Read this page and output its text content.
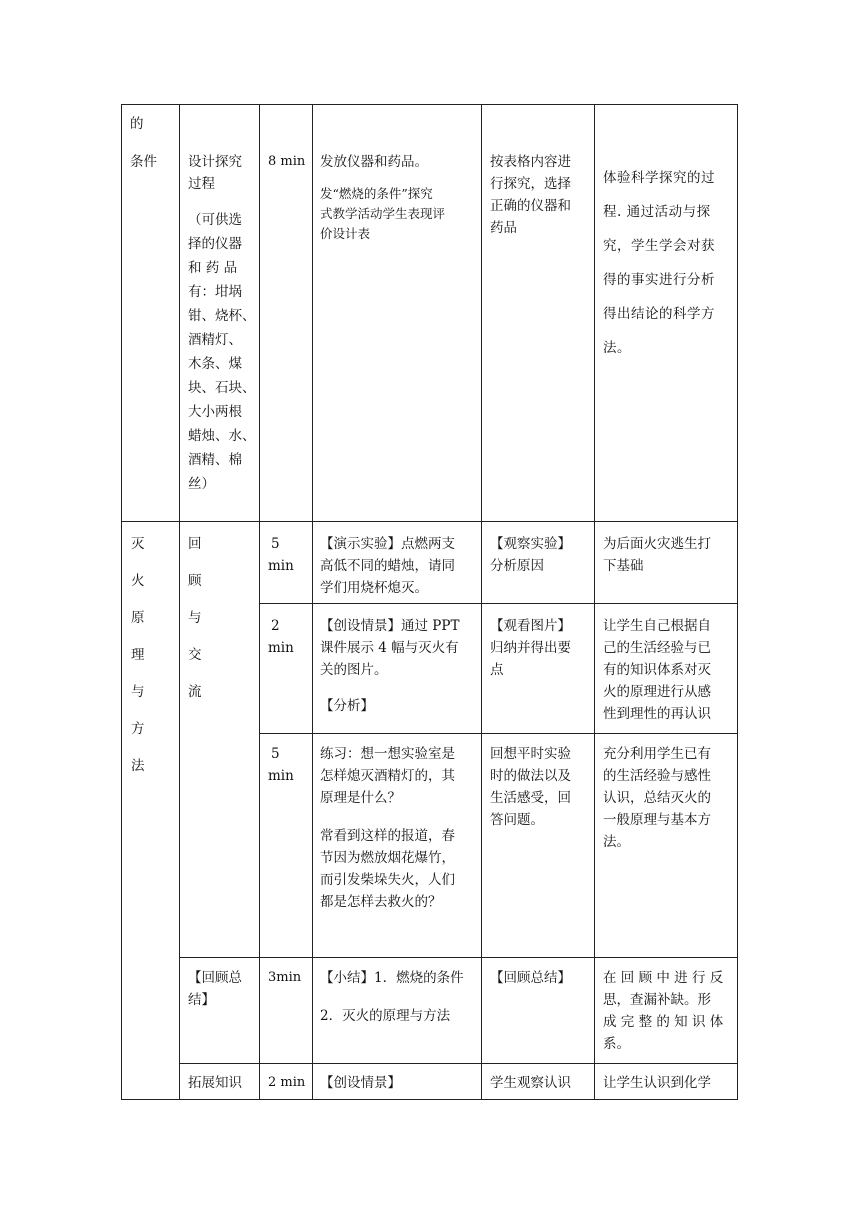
的
条件 设计探究
过程
（可供选
择的仪器
和 药 品
有：坩埚
钳、烧杯、
酒精灯、
木条、煤
块、石块、
大小两根
蜡烛、水、
酒精、棉
丝）
8 min 发放仪器和药品。
发“燃烧的条件”探究
式教学活动学生表现评
价设计表
按表格内容进
行探究，选择
正确的仪器和
药品
体验科学探究的过
程. 通过活动与探
究，学生学会对获
得的事实进行分析
得出结论的科学方
法。
灭
火
原
理
与
方
法
回
顾
与
交
流
5
min
【演示实验】点燃两支
高低不同的蜡烛，请同
学们用烧杯熄灭。
【观察实验】
分析原因
为后面火灾逃生打
下基础
2
min
【创设情景】通过 PPT
课件展示 4 幅与灭火有
关的图片。
【分析】
【观看图片】
归纳并得出要
点
让学生自己根据自
己的生活经验与已
有的知识体系对灭
火的原理进行从感
性到理性的再认识
5
min
练习：想一想实验室是
怎样熄灭酒精灯的，其
原理是什么？
常看到这样的报道，春
节因为燃放烟花爆竹，
而引发柴垛失火，人们
都是怎样去救火的？
回想平时实验
时的做法以及
生活感受，回
答问题。
充分利用学生已有
的生活经验与感性
认识，总结灭火的
一般原理与基本方
法。
【回顾总
结】
3min 【小结】1．燃烧的条件
2．灭火的原理与方法
【回顾总结】 在 回 顾 中 进 行 反
思，查漏补缺。形
成 完 整 的 知 识 体
系。
拓展知识 2 min 【创设情景】	学生观察认识 让学生认识到化学
